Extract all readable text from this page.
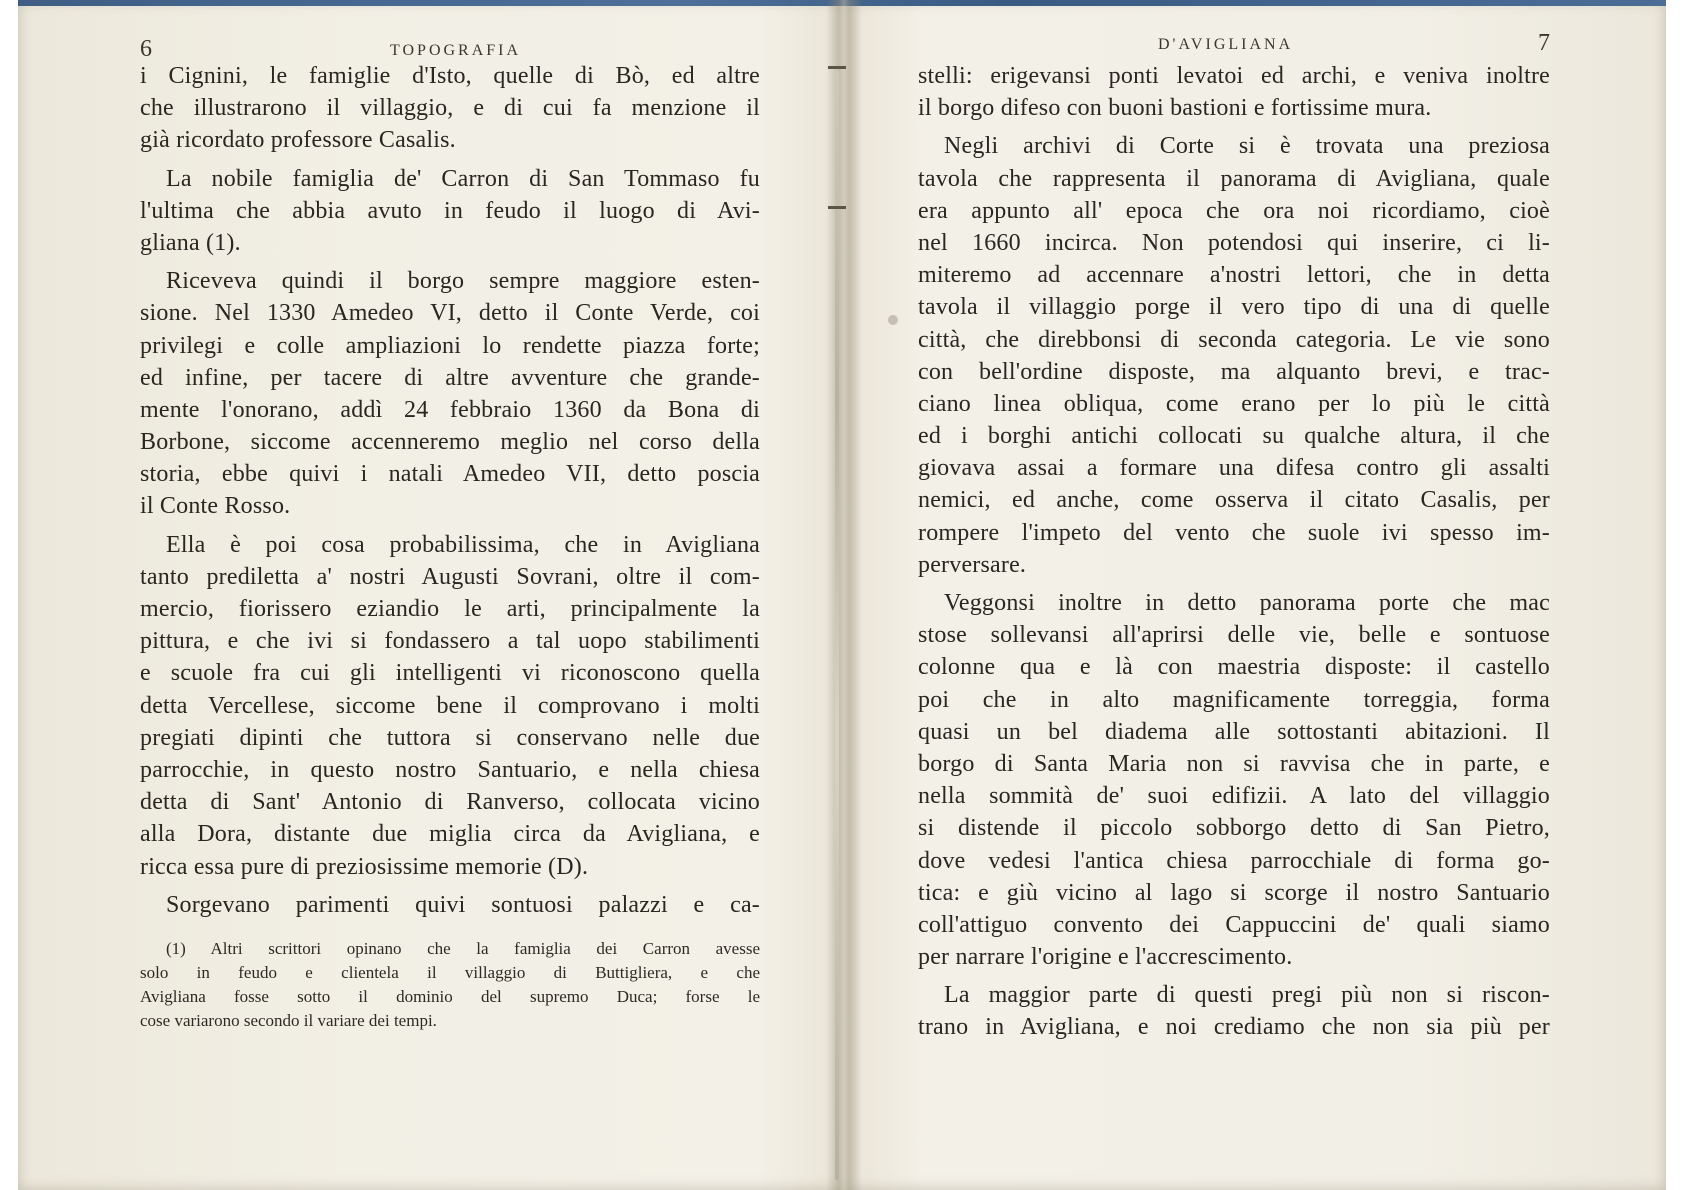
6	TOPOGRAFIA
i Cignini, le famiglie d'Isto, quelle di Bò, ed altre
che illustrarono il villaggio, e di cui fa menzione il
già ricordato professore Casalis.
La nobile famiglia de' Carron di San Tommaso fu
l'ultima che abbia avuto in feudo il luogo di Avi-
gliana (1).
Riceveva quindi il borgo sempre maggiore esten-
sione. Nel 1330 Amedeo VI, detto il Conte Verde, coi
privilegi e colle ampliazioni lo rendette piazza forte;
ed infine, per tacere di altre avventure che grande-
mente l'onorano, addì 24 febbraio 1360 da Bona di
Borbone, siccome accenneremo meglio nel corso della
storia, ebbe quivi i natali Amedeo VII, detto poscia
il Conte Rosso.
Ella è poi cosa probabilissima, che in Avigliana
tanto prediletta a' nostri Augusti Sovrani, oltre il com-
mercio, fiorissero eziandio le arti, principalmente la
pittura, e che ivi si fondassero a tal uopo stabilimenti
e scuole fra cui gli intelligenti vi riconoscono quella
detta Vercellese, siccome bene il comprovano i molti
pregiati dipinti che tuttora si conservano nelle due
parrocchie, in questo nostro Santuario, e nella chiesa
detta di Sant' Antonio di Ranverso, collocata vicino
alla Dora, distante due miglia circa da Avigliana, e
ricca essa pure di preziosissime memorie (D).
Sorgevano parimenti quivi sontuosi palazzi e ca-
(1) Altri scrittori opinano che la famiglia dei Carron avesse
solo in feudo e clientela il villaggio di Buttigliera, e che
Avigliana fosse sotto il dominio del supremo Duca; forse le
cose variarono secondo il variare dei tempi.
D'AVIGLIANA	7
stelli: erigevansi ponti levatoi ed archi, e veniva inoltre
il borgo difeso con buoni bastioni e fortissime mura.
Negli archivi di Corte si è trovata una preziosa
tavola che rappresenta il panorama di Avigliana, quale
era appunto all' epoca che ora noi ricordiamo, cioè
nel 1660 incirca. Non potendosi qui inserire, ci li-
miteremo ad accennare a'nostri lettori, che in detta
tavola il villaggio porge il vero tipo di una di quelle
città, che direbbonsi di seconda categoria. Le vie sono
con bell'ordine disposte, ma alquanto brevi, e trac-
ciano linea obliqua, come erano per lo più le città
ed i borghi antichi collocati su qualche altura, il che
giovava assai a formare una difesa contro gli assalti
nemici, ed anche, come osserva il citato Casalis, per
rompere l'impeto del vento che suole ivi spesso im-
perversare.
Veggonsi inoltre in detto panorama porte che mac
stose sollevansi all'aprirsi delle vie, belle e sontuose
colonne qua e là con maestria disposte: il castello
poi che in alto magnificamente torreggia, forma
quasi un bel diadema alle sottostanti abitazioni. Il
borgo di Santa Maria non si ravvisa che in parte, e
nella sommità de' suoi edifizii. A lato del villaggio
si distende il piccolo sobborgo detto di San Pietro,
dove vedesi l'antica chiesa parrocchiale di forma go-
tica: e giù vicino al lago si scorge il nostro Santuario
coll'attiguo convento dei Cappuccini de' quali siamo
per narrare l'origine e l'accrescimento.
La maggior parte di questi pregi più non si riscon-
trano in Avigliana, e noi crediamo che non sia più per
